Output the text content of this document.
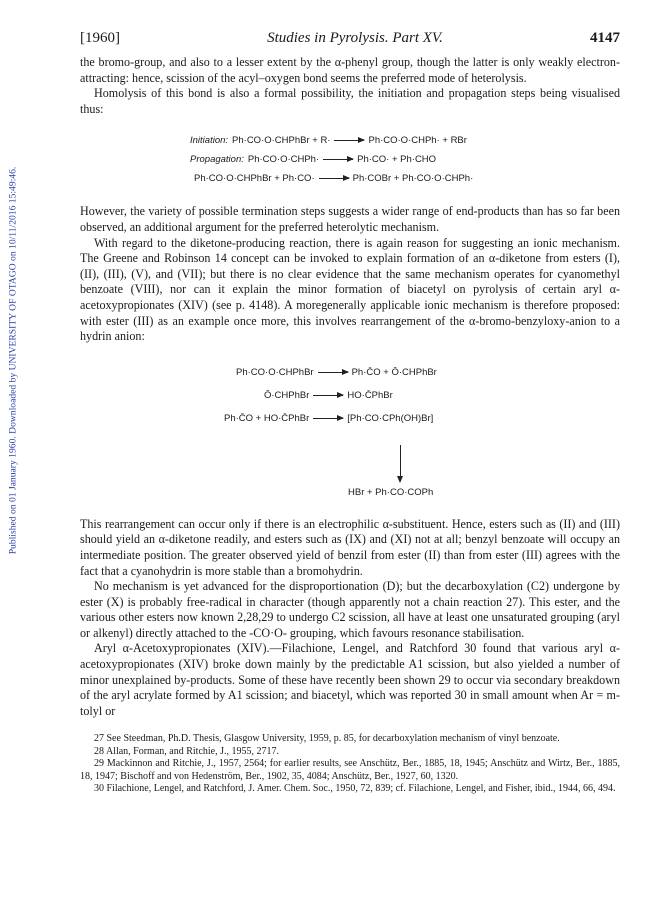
Published on 01 January 1960. Downloaded by UNIVERSITY OF OTAGO on 10/11/2016 15:49:46.
[1960]	Studies in Pyrolysis. Part XV.	4147

the bromo-group, and also to a lesser extent by the α-phenyl group, though the latter is only weakly electron-attracting: hence, scission of the acyl–oxygen bond seems the preferred mode of heterolysis.

Homolysis of this bond is also a formal possibility, the initiation and propagation steps being visualised thus:

Initiation: Ph·CO·O·CHPhBr + R· → Ph·CO·O·CHPh· + RBr
Propagation: Ph·CO·O·CHPh· → Ph·CO· + Ph·CHO
Ph·CO·O·CHPhBr + Ph·CO· → Ph·COBr + Ph·CO·O·CHPh·

However, the variety of possible termination steps suggests a wider range of end-products than has so far been observed, an additional argument for the preferred heterolytic mechanism.

With regard to the diketone-producing reaction, there is again reason for suggesting an ionic mechanism. The Greene and Robinson 14 concept can be invoked to explain formation of an α-diketone from esters (I), (II), (III), (V), and (VII); but there is no clear evidence that the same mechanism operates for cyanomethyl benzoate (VIII), nor can it explain the minor formation of biacetyl on pyrolysis of certain aryl α-acetoxypropionates (XIV) (see p. 4148). A moregenerally applicable ionic mechanism is therefore proposed: with ester (III) as an example once more, this involves rearrangement of the α-bromo-benzyloxy-anion to a hydrin anion:

Ph·CO·O·CHPhBr → Ph·C̄O + Ō·CHPhBr
Ō·CHPhBr → HO·C̄PhBr
Ph·C̄O + HO·C̄PhBr → [Ph·CO·CPh(OH)Br]
HBr + Ph·CO·COPh

This rearrangement can occur only if there is an electrophilic α-substituent. Hence, esters such as (II) and (III) should yield an α-diketone readily, and esters such as (IX) and (XI) not at all; benzyl benzoate will occupy an intermediate position. The greater observed yield of benzil from ester (II) than from ester (III) agrees with the fact that a cyanohydrin is more stable than a bromohydrin.

No mechanism is yet advanced for the disproportionation (D); but the decarboxylation (C2) undergone by ester (X) is probably free-radical in character (though apparently not a chain reaction 27). This ester, and the various other esters now known 2,28,29 to undergo C2 scission, all have at least one unsaturated grouping (aryl or alkenyl) directly attached to the -CO·O- grouping, which favours resonance stabilisation.

Aryl α-Acetoxypropionates (XIV).—Filachione, Lengel, and Ratchford 30 found that various aryl α-acetoxypropionates (XIV) broke down mainly by the predictable A1 scission, but also yielded a number of minor unexplained by-products. Some of these have recently been shown 29 to occur via secondary breakdown of the aryl acrylate formed by A1 scission; and biacetyl, which was reported 30 in small amount when Ar = m-tolyl or

27 See Steedman, Ph.D. Thesis, Glasgow University, 1959, p. 85, for decarboxylation mechanism of vinyl benzoate.
28 Allan, Forman, and Ritchie, J., 1955, 2717.
29 Mackinnon and Ritchie, J., 1957, 2564; for earlier results, see Anschütz, Ber., 1885, 18, 1945; Anschütz and Wirtz, Ber., 1885, 18, 1947; Bischoff and von Hedenström, Ber., 1902, 35, 4084; Anschütz, Ber., 1927, 60, 1320.
30 Filachione, Lengel, and Ratchford, J. Amer. Chem. Soc., 1950, 72, 839; cf. Filachione, Lengel, and Fisher, ibid., 1944, 66, 494.
